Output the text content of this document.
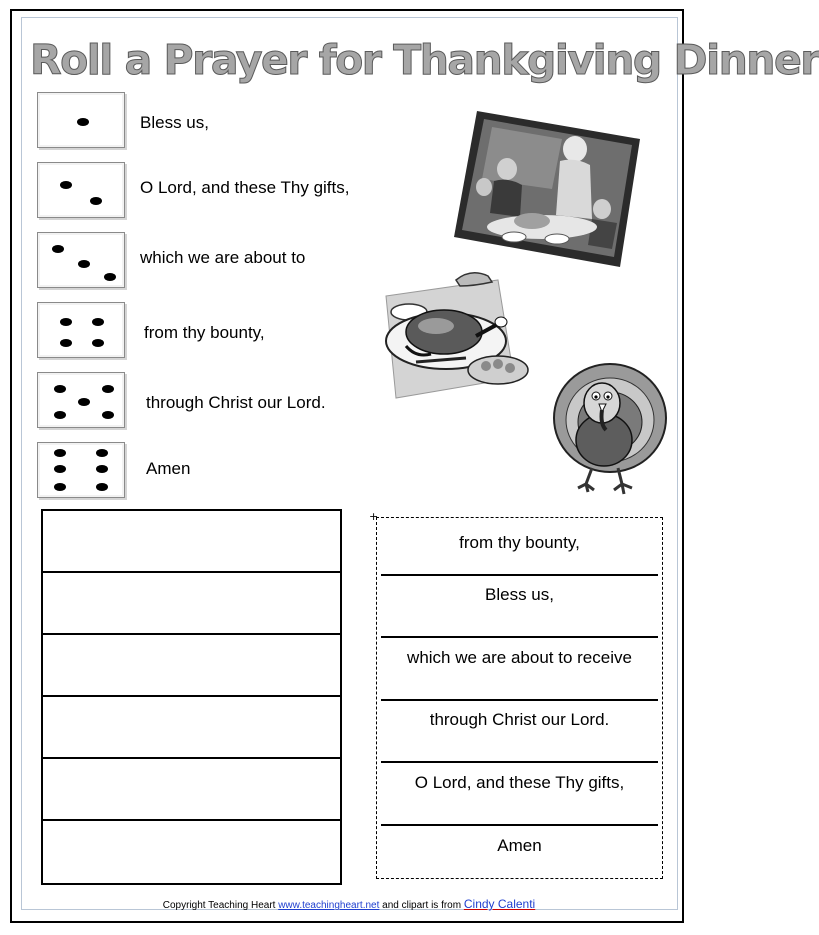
Roll a Prayer for Thankgiving Dinner
Bless us,
O Lord, and these Thy gifts,
which we are about to
from thy bounty,
through Christ our Lord.
Amen
+
from thy bounty,
Bless us,
which we are about to receive
through Christ our Lord.
O Lord, and these Thy gifts,
Amen
Copyright Teaching Heart www.teachingheart.net and clipart is from Cindy Calenti
